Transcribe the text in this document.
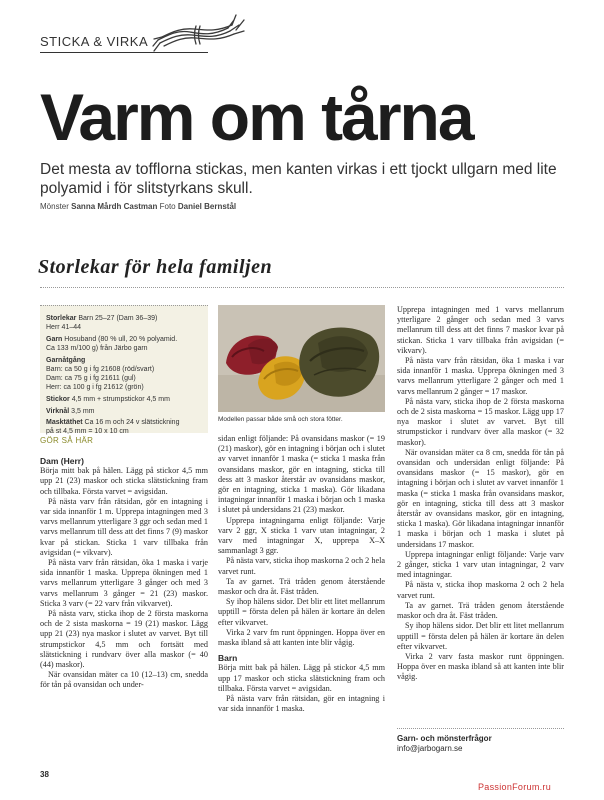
STICKA & VIRKA
Varm om tårna
Det mesta av tofflorna stickas, men kanten virkas i ett tjockt ullgarn med lite polyamid i för slitstyrkans skull.
Mönster Sanna Mårdh Castman Foto Daniel Bernstål
Storlekar för hela familjen
Storlekar Barn 25–27 (Dam 36–39)
Herr 41–44
Garn Hosuband (80 % ull, 20 % polyamid.
Ca 133 m/100 g) från Järbo garn
Garnåtgång
Barn: ca 50 g i fg 21608 (röd/svart)
Dam: ca 75 g i fg 21611 (gul)
Herr: ca 100 g i fg 21612 (grön)
Stickor 4,5 mm + strumpstickor 4,5 mm
Virknål 3,5 mm
Masktäthet Ca 16 m och 24 v slätstickning
på st 4,5 mm = 10 x 10 cm
Modellen passar både små och stora fötter.
GÖR SÅ HÄR
Dam (Herr)

Börja mitt bak på hälen. Lägg på stickor 4,5 mm upp 21 (23) maskor och sticka slätstickning fram och tillbaka. Första varvet = avigsidan.

På nästa varv från rätsidan, gör en intagning i var sida innanför 1 m. Upprepa intagningen med 3 varvs mellanrum ytterligare 3 ggr och sedan med 1 varvs mellanrum till dess att det finns 7 (9) maskor kvar på stickan. Sticka 1 varv tillbaka från avigsidan (= vikvarv).

På nästa varv från rätsidan, öka 1 maska i varje sida innanför 1 maska. Upprepa ökningen med 1 varvs mellanrum ytterligare 3 gånger och med 3 varvs mellanrum 3 gånger = 21 (23) maskor. Sticka 3 varv (= 22 varv från vikvarvet).

På nästa varv, sticka ihop de 2 första maskorna och de 2 sista maskorna = 19 (21) maskor. Lägg upp 21 (23) nya maskor i slutet av varvet. Byt till strumpstickor 4,5 mm och fortsätt med slätstickning i rundvarv över alla maskor (= 40 (44) maskor).

När ovansidan mäter ca 10 (12–13) cm, snedda för tån på ovansidan och under-

sidan enligt följande: På ovansidans maskor (= 19 (21) maskor), gör en intagning i början och i slutet av varvet innanför 1 maska (= sticka 1 maska från ovansidans maskor, gör en intagning, sticka till dess att 3 maskor återstår av ovansidans maskor, gör en intagning, sticka 1 maska). Gör likadana intagningar innanför 1 maska i början och 1 maska i slutet på undersidans 21 (23) maskor.

Upprepa intagningarna enligt följande: Varje varv 2 ggr, X sticka 1 varv utan intagningar, 2 varv med intagningar X, upprepa X–X sammanlagt 3 ggr.

På nästa varv, sticka ihop maskorna 2 och 2 hela varvet runt.

Ta av garnet. Trä tråden genom återstående maskor och dra åt. Fäst tråden.

Sy ihop hälens sidor. Det blir ett litet mellanrum upptill = första delen på hälen är kortare än delen efter vikvarvet.

Virka 2 varv fm runt öppningen. Hoppa över en maska ibland så att kanten inte blir vågig.

Barn

Börja mitt bak på hälen. Lägg på stickor 4,5 mm upp 17 maskor och sticka slätstickning fram och tillbaka. Första varvet = avigsidan.

På nästa varv från rätsidan, gör en intagning i var sida innanför 1 maska.

Upprepa intagningen med 1 varvs mellanrum ytterligare 2 gånger och sedan med 3 varvs mellanrum till dess att det finns 7 maskor kvar på stickan. Sticka 1 varv tillbaka från avigsidan (= vikvarv).

På nästa varv från rätsidan, öka 1 maska i var sida innanför 1 maska. Upprepa ökningen med 3 varvs mellanrum ytterligare 2 gånger och med 1 varvs mellanrum 2 gånger = 17 maskor.

På nästa varv, sticka ihop de 2 första maskorna och de 2 sista maskorna = 15 maskor. Lägg upp 17 nya maskor i slutet av varvet. Byt till strumpstickor i rundvarv över alla maskor (= 32 maskor).

När ovansidan mäter ca 8 cm, snedda för tån på ovansidan och undersidan enligt följande: På ovansidans maskor (= 15 maskor), gör en intagning i början och i slutet av varvet innanför 1 maska (= sticka 1 maska från ovansidans maskor, gör en intagning, sticka till dess att 3 maskor återstår av ovansidans maskor, gör en intagning, sticka 1 maska). Gör likadana intagningar innanför 1 maska i början och 1 maska i slutet på undersidans 17 maskor.

Upprepa intagningar enligt följande: Varje varv 2 gånger, sticka 1 varv utan intagningar, 2 varv med intagningar.

På nästa v, sticka ihop maskorna 2 och 2 hela varvet runt.

Ta av garnet. Trä tråden genom återstående maskor och dra åt. Fäst tråden.

Sy ihop hälens sidor. Det blir ett litet mellanrum upptill = första delen på hälen är kortare än delen efter vikvarvet.

Virka 2 varv fasta maskor runt öppningen. Hoppa över en maska ibland så att kanten inte blir vågig.

Garn- och mönsterfrågor
info@jarbogarn.se
38
PassionForum.ru
